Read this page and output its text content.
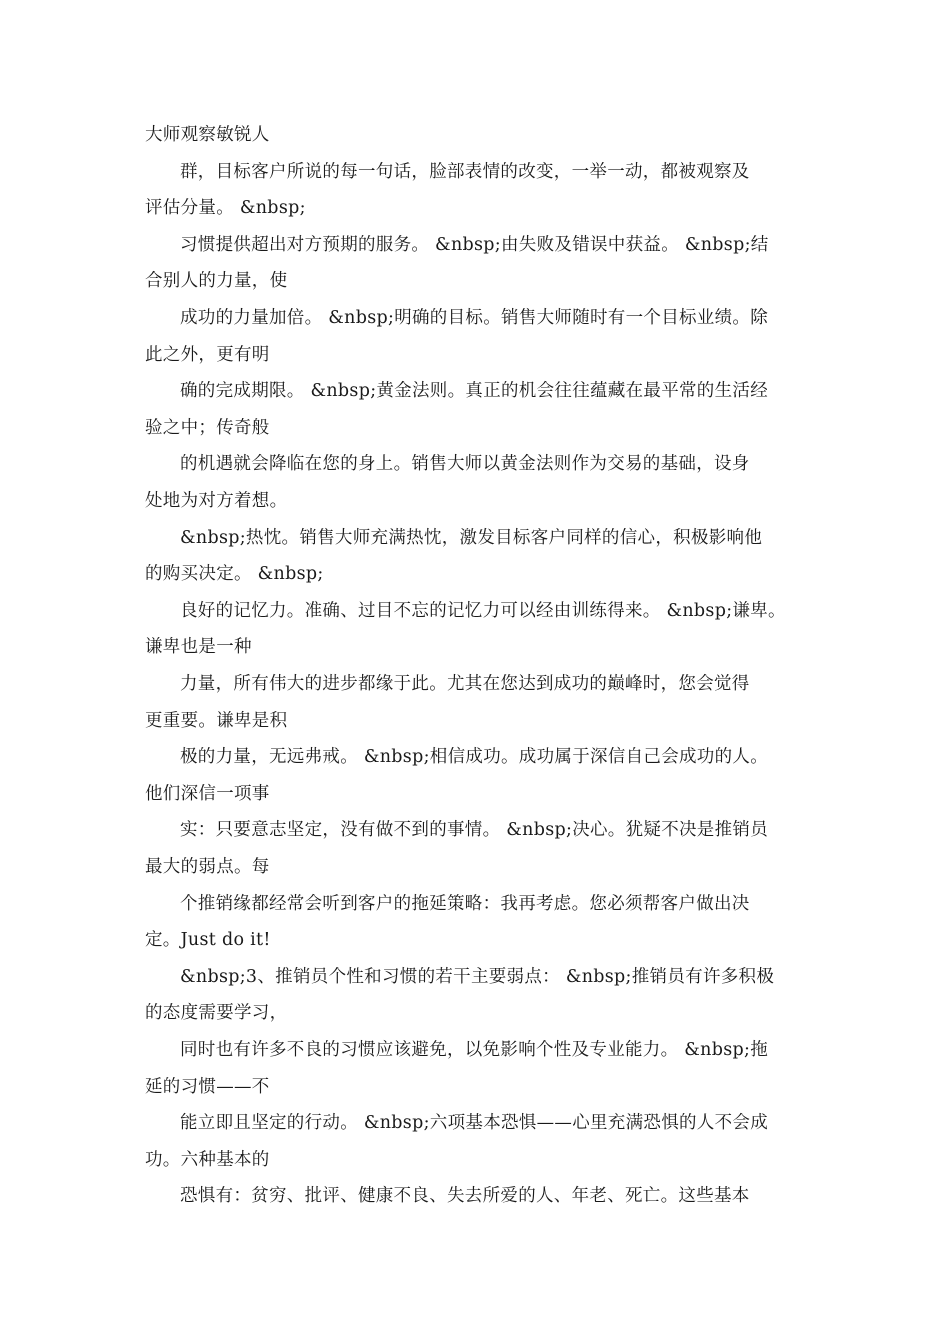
大师观察敏锐人

群，目标客户所说的每一句话，脸部表情的改变，一举一动，都被观察及

评估分量。 &nbsp;

习惯提供超出对方预期的服务。 &nbsp;由失败及错误中获益。 &nbsp;结

合别人的力量，使

成功的力量加倍。 &nbsp;明确的目标。销售大师随时有一个目标业绩。除

此之外，更有明

确的完成期限。 &nbsp;黄金法则。真正的机会往往蕴藏在最平常的生活经

验之中；传奇般

的机遇就会降临在您的身上。销售大师以黄金法则作为交易的基础，设身

处地为对方着想。

&nbsp;热忱。销售大师充满热忱，激发目标客户同样的信心，积极影响他

的购买决定。 &nbsp;

良好的记忆力。准确、过目不忘的记忆力可以经由训练得来。 &nbsp;谦卑。

谦卑也是一种

力量，所有伟大的进步都缘于此。尤其在您达到成功的巅峰时，您会觉得

更重要。谦卑是积

极的力量，无远弗戒。 &nbsp;相信成功。成功属于深信自己会成功的人。

他们深信一项事

实：只要意志坚定，没有做不到的事情。 &nbsp;决心。犹疑不决是推销员

最大的弱点。每

个推销缘都经常会听到客户的拖延策略：我再考虑。您必须帮客户做出决

定。Just do it!

&nbsp;3、推销员个性和习惯的若干主要弱点： &nbsp;推销员有许多积极

的态度需要学习，

同时也有许多不良的习惯应该避免，以免影响个性及专业能力。 &nbsp;拖

延的习惯——不

能立即且坚定的行动。 &nbsp;六项基本恐惧——心里充满恐惧的人不会成

功。六种基本的

恐惧有：贫穷、批评、健康不良、失去所爱的人、年老、死亡。这些基本
